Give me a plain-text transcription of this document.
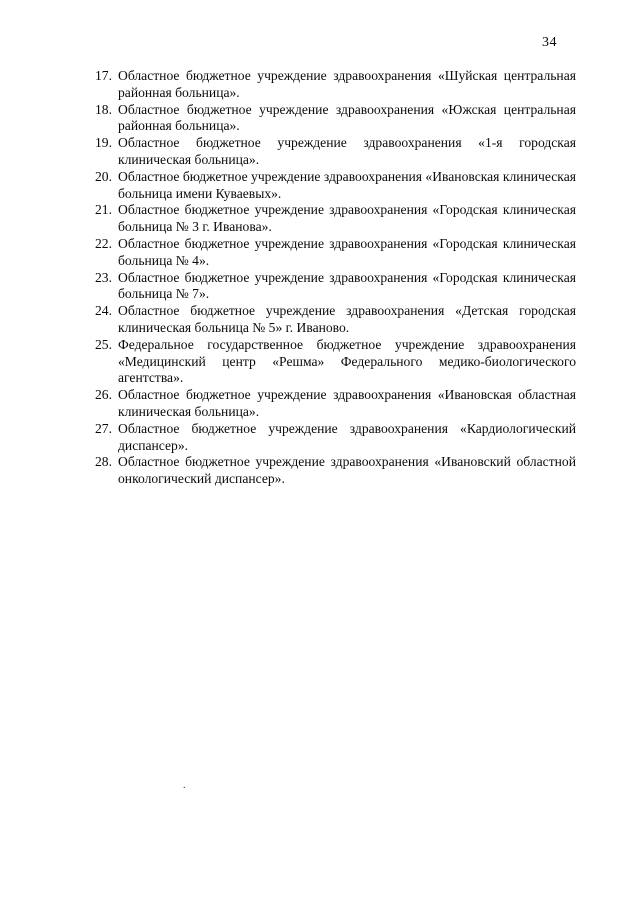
34
17. Областное бюджетное учреждение здравоохранения «Шуйская центральная районная больница».
18. Областное бюджетное учреждение здравоохранения «Южская центральная районная больница».
19. Областное бюджетное учреждение здравоохранения «1-я городская клиническая больница».
20. Областное бюджетное учреждение здравоохранения «Ивановская клиническая больница имени Куваевых».
21. Областное бюджетное учреждение здравоохранения «Городская клиническая больница № 3 г. Иванова».
22. Областное бюджетное учреждение здравоохранения «Городская клиническая больница № 4».
23. Областное бюджетное учреждение здравоохранения «Городская клиническая больница № 7».
24. Областное бюджетное учреждение здравоохранения «Детская городская клиническая больница № 5» г. Иваново.
25. Федеральное государственное бюджетное учреждение здравоохранения «Медицинский центр «Решма» Федерального медико-биологического агентства».
26. Областное бюджетное учреждение здравоохранения «Ивановская областная клиническая больница».
27. Областное бюджетное учреждение здравоохранения «Кардиологический диспансер».
28. Областное бюджетное учреждение здравоохранения «Ивановский областной онкологический диспансер».
.
